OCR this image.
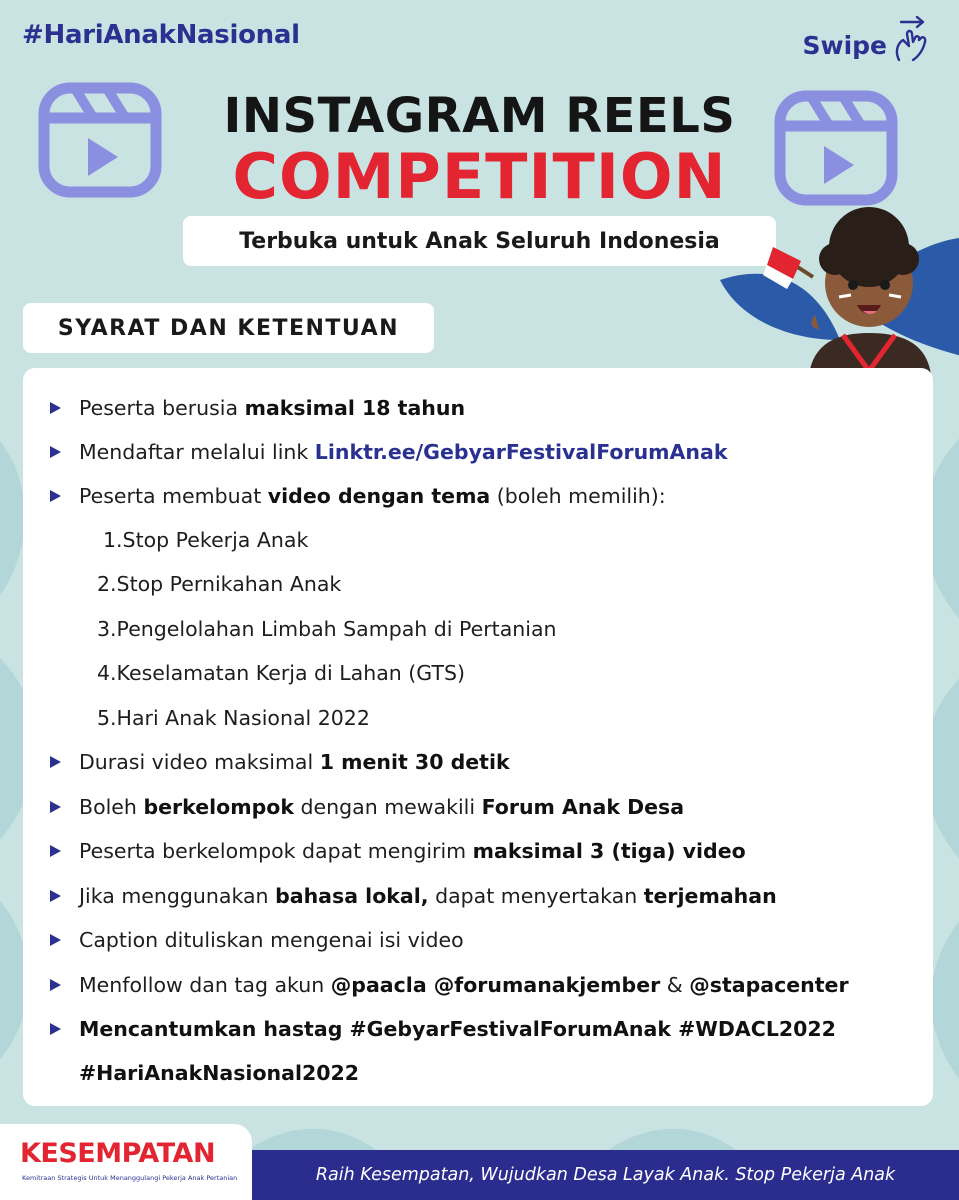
#HariAnakNasional	Swipe
INSTAGRAM REELS
COMPETITION
Terbuka untuk Anak Seluruh Indonesia
SYARAT DAN KETENTUAN
Peserta berusia maksimal 18 tahun
Mendaftar melalui link Linktr.ee/GebyarFestivalForumAnak
Peserta membuat video dengan tema (boleh memilih):
1.Stop Pekerja Anak
2.Stop Pernikahan Anak
3.Pengelolahan Limbah Sampah di Pertanian
4.Keselamatan Kerja di Lahan (GTS)
5.Hari Anak Nasional 2022
Durasi video maksimal 1 menit 30 detik
Boleh berkelompok dengan mewakili Forum Anak Desa
Peserta berkelompok dapat mengirim maksimal 3 (tiga) video
Jika menggunakan bahasa lokal, dapat menyertakan terjemahan
Caption dituliskan mengenai isi video
Menfollow dan tag akun @paacla @forumanakjember & @stapacenter
Mencantumkan hastag #GebyarFestivalForumAnak #WDACL2022
#HariAnakNasional2022
KESEMPATAN
Kemitraan Strategis Untuk Menanggulangi Pekerja Anak Pertanian	Raih Kesempatan, Wujudkan Desa Layak Anak. Stop Pekerja Anak
